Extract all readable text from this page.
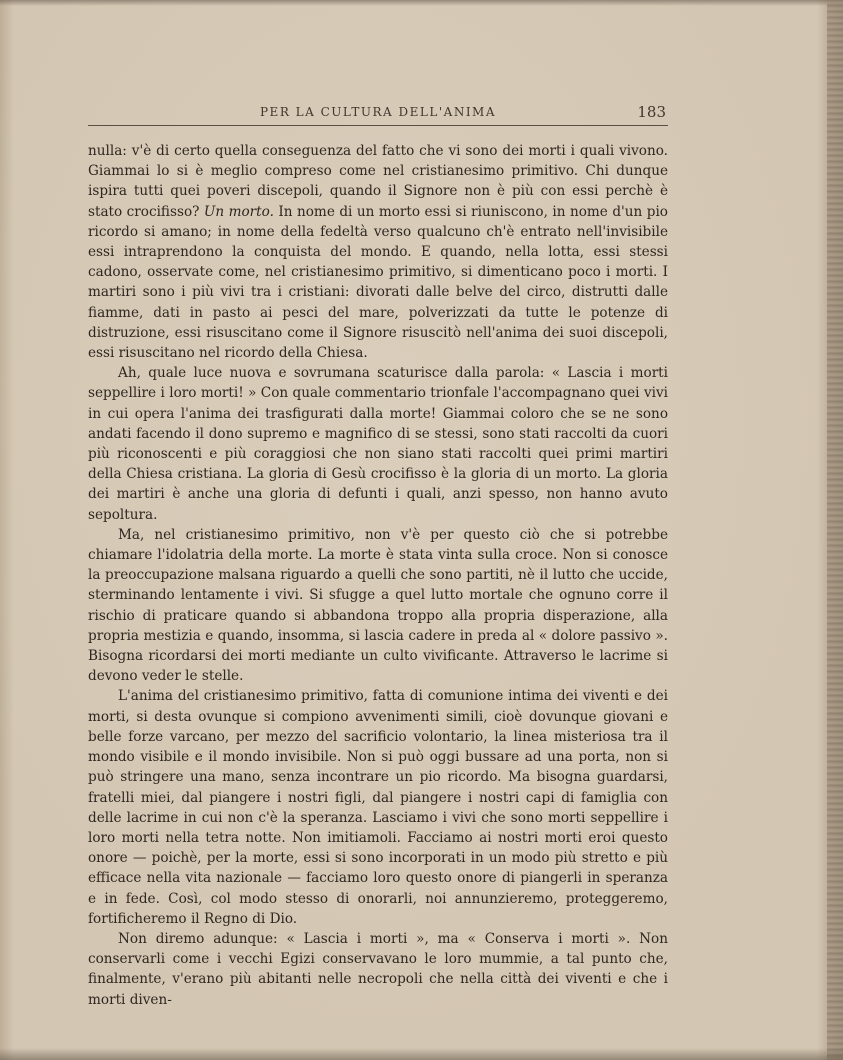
PER LA CULTURA DELL'ANIMA	183

nulla: v'è di certo quella conseguenza del fatto che vi sono dei morti i quali vivono. Giammai lo si è meglio compreso come nel cristianesimo primitivo. Chi dunque ispira tutti quei poveri discepoli, quando il Signore non è più con essi perchè è stato crocifisso? Un morto. In nome di un morto essi si riuniscono, in nome d'un pio ricordo si amano; in nome della fedeltà verso qualcuno ch'è entrato nell'invisibile essi intraprendono la conquista del mondo. E quando, nella lotta, essi stessi cadono, osservate come, nel cristianesimo primitivo, si dimenticano poco i morti. I martiri sono i più vivi tra i cristiani: divorati dalle belve del circo, distrutti dalle fiamme, dati in pasto ai pesci del mare, polverizzati da tutte le potenze di distruzione, essi risuscitano come il Signore risuscitò nell'anima dei suoi discepoli, essi risuscitano nel ricordo della Chiesa.

Ah, quale luce nuova e sovrumana scaturisce dalla parola: « Lascia i morti seppellire i loro morti! » Con quale commentario trionfale l'accompagnano quei vivi in cui opera l'anima dei trasfigurati dalla morte! Giammai coloro che se ne sono andati facendo il dono supremo e magnifico di se stessi, sono stati raccolti da cuori più riconoscenti e più coraggiosi che non siano stati raccolti quei primi martiri della Chiesa cristiana. La gloria di Gesù crocifisso è la gloria di un morto. La gloria dei martiri è anche una gloria di defunti i quali, anzi spesso, non hanno avuto sepoltura.

Ma, nel cristianesimo primitivo, non v'è per questo ciò che si potrebbe chiamare l'idolatria della morte. La morte è stata vinta sulla croce. Non si conosce la preoccupazione malsana riguardo a quelli che sono partiti, nè il lutto che uccide, sterminando lentamente i vivi. Si sfugge a quel lutto mortale che ognuno corre il rischio di praticare quando si abbandona troppo alla propria disperazione, alla propria mestizia e quando, insomma, si lascia cadere in preda al « dolore passivo ». Bisogna ricordarsi dei morti mediante un culto vivificante. Attraverso le lacrime si devono veder le stelle.

L'anima del cristianesimo primitivo, fatta di comunione intima dei viventi e dei morti, si desta ovunque si compiono avvenimenti simili, cioè dovunque giovani e belle forze varcano, per mezzo del sacrificio volontario, la linea misteriosa tra il mondo visibile e il mondo invisibile. Non si può oggi bussare ad una porta, non si può stringere una mano, senza incontrare un pio ricordo. Ma bisogna guardarsi, fratelli miei, dal piangere i nostri figli, dal piangere i nostri capi di famiglia con delle lacrime in cui non c'è la speranza. Lasciamo i vivi che sono morti seppellire i loro morti nella tetra notte. Non imitiamoli. Facciamo ai nostri morti eroi questo onore — poichè, per la morte, essi si sono incorporati in un modo più stretto e più efficace nella vita nazionale — facciamo loro questo onore di piangerli in speranza e in fede. Così, col modo stesso di onorarli, noi annunzieremo, proteggeremo, fortificheremo il Regno di Dio.

Non diremo adunque: « Lascia i morti », ma « Conserva i morti ». Non conservarli come i vecchi Egizi conservavano le loro mummie, a tal punto che, finalmente, v'erano più abitanti nelle necropoli che nella città dei viventi e che i morti diven-
